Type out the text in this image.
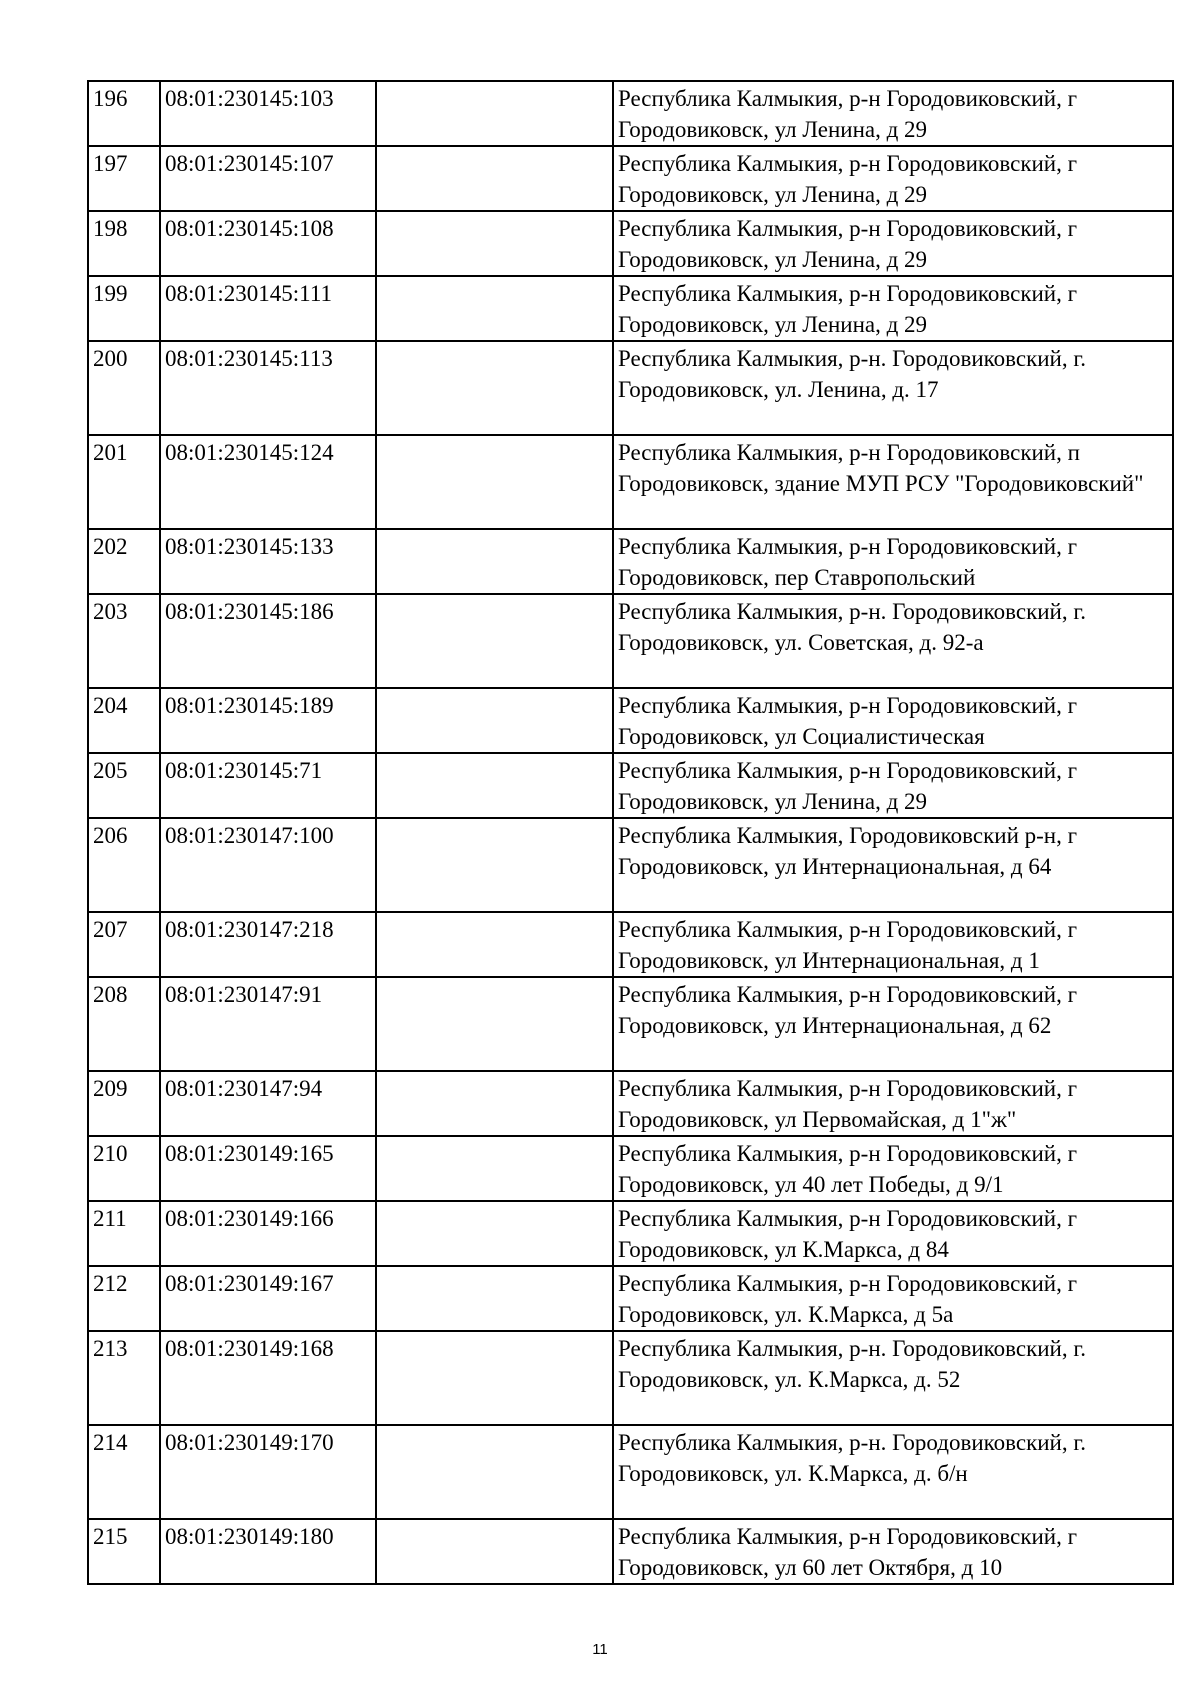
196	08:01:230145:103		Республика Калмыкия, р-н Городовиковский, г Городовиковск, ул Ленина, д 29
197	08:01:230145:107		Республика Калмыкия, р-н Городовиковский, г Городовиковск, ул Ленина, д 29
198	08:01:230145:108		Республика Калмыкия, р-н Городовиковский, г Городовиковск, ул Ленина, д 29
199	08:01:230145:111		Республика Калмыкия, р-н Городовиковский, г Городовиковск, ул Ленина, д 29
200	08:01:230145:113		Республика Калмыкия, р-н. Городовиковский, г. Городовиковск, ул. Ленина, д. 17
201	08:01:230145:124		Республика Калмыкия, р-н Городовиковский, п Городовиковск, здание МУП РСУ "Городовиковский"
202	08:01:230145:133		Республика Калмыкия, р-н Городовиковский, г Городовиковск, пер Ставропольский
203	08:01:230145:186		Республика Калмыкия, р-н. Городовиковский, г. Городовиковск, ул. Советская, д. 92-а
204	08:01:230145:189		Республика Калмыкия, р-н Городовиковский, г Городовиковск, ул Социалистическая
205	08:01:230145:71		Республика Калмыкия, р-н Городовиковский, г Городовиковск, ул Ленина, д 29
206	08:01:230147:100		Республика Калмыкия, Городовиковский р-н, г Городовиковск, ул Интернациональная, д 64
207	08:01:230147:218		Республика Калмыкия, р-н Городовиковский, г Городовиковск, ул Интернациональная, д 1
208	08:01:230147:91		Республика Калмыкия, р-н Городовиковский, г Городовиковск, ул Интернациональная, д 62
209	08:01:230147:94		Республика Калмыкия, р-н Городовиковский, г Городовиковск, ул Первомайская, д 1"ж"
210	08:01:230149:165		Республика Калмыкия, р-н Городовиковский, г Городовиковск, ул 40 лет Победы, д 9/1
211	08:01:230149:166		Республика Калмыкия, р-н Городовиковский, г Городовиковск, ул К.Маркса, д 84
212	08:01:230149:167		Республика Калмыкия, р-н Городовиковский, г Городовиковск, ул. К.Маркса, д 5а
213	08:01:230149:168		Республика Калмыкия, р-н. Городовиковский, г. Городовиковск, ул. К.Маркса, д. 52
214	08:01:230149:170		Республика Калмыкия, р-н. Городовиковский, г. Городовиковск, ул. К.Маркса, д. б/н
215	08:01:230149:180		Республика Калмыкия, р-н Городовиковский, г Городовиковск, ул 60 лет Октября, д 10
11
